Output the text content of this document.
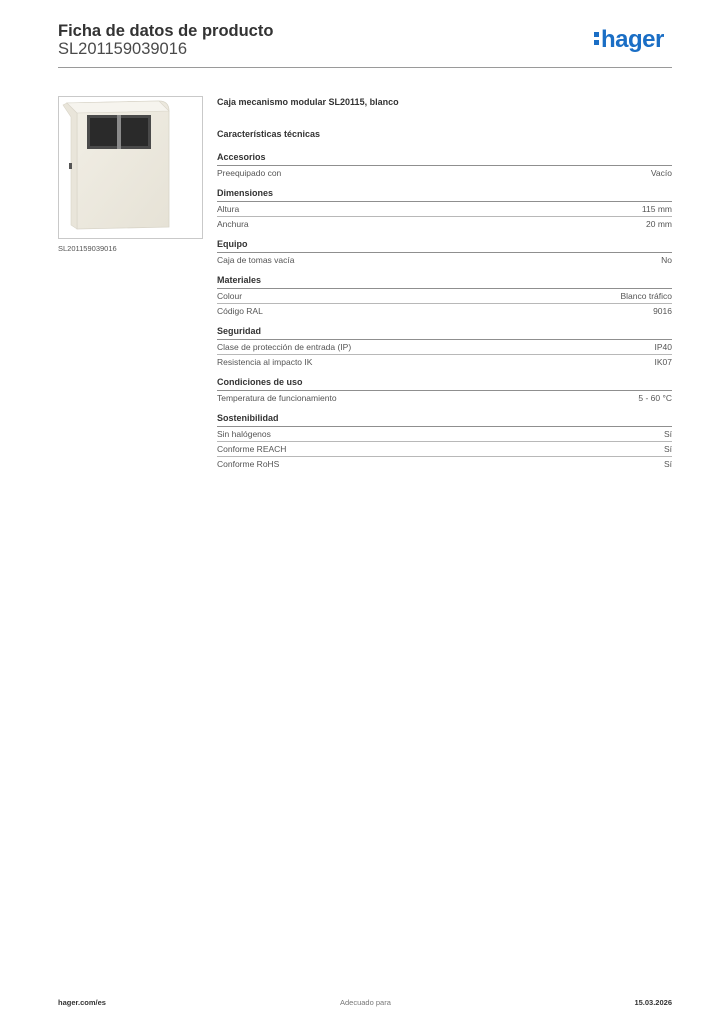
Ficha de datos de producto
SL201159039016	hager
SL201159039016
Caja mecanismo modular SL20115, blanco
Características técnicas
Accesorios
Preequipado con	Vacío
Dimensiones
Altura	115 mm
Anchura	20 mm
Equipo
Caja de tomas vacía	No
Materiales
Colour	Blanco tráfico
Código RAL	9016
Seguridad
Clase de protección de entrada (IP)	IP40
Resistencia al impacto IK	IK07
Condiciones de uso
Temperatura de funcionamiento	5 - 60 °C
Sostenibilidad
Sin halógenos	Sí
Conforme REACH	Sí
Conforme RoHS	Sí
hager.com/es	Adecuado para	15.03.2026
